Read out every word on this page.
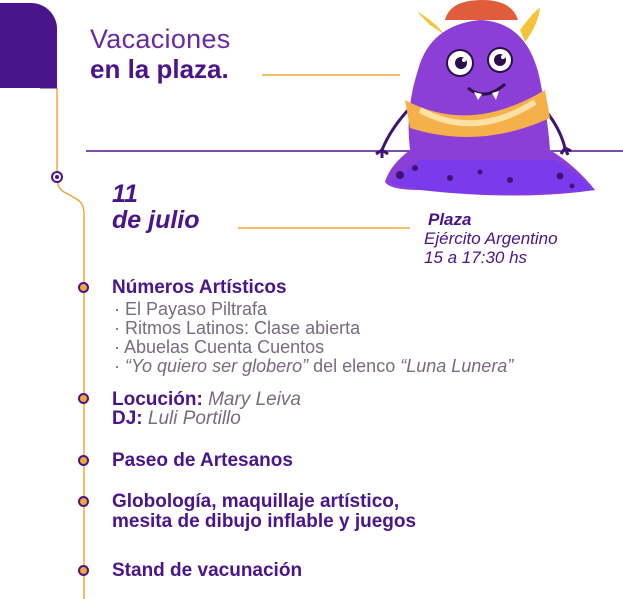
Vacaciones
en la plaza.
11
de julio	Plaza
Ejército Argentino
15 a 17:30 hs
Números Artísticos
· El Payaso Piltrafa
· Ritmos Latinos: Clase abierta
· Abuelas Cuenta Cuentos
· “Yo quiero ser globero” del elenco “Luna Lunera”
Locución: Mary Leiva
DJ: Luli Portillo
Paseo de Artesanos
Globología, maquillaje artístico,
mesita de dibujo inflable y juegos
Stand de vacunación
